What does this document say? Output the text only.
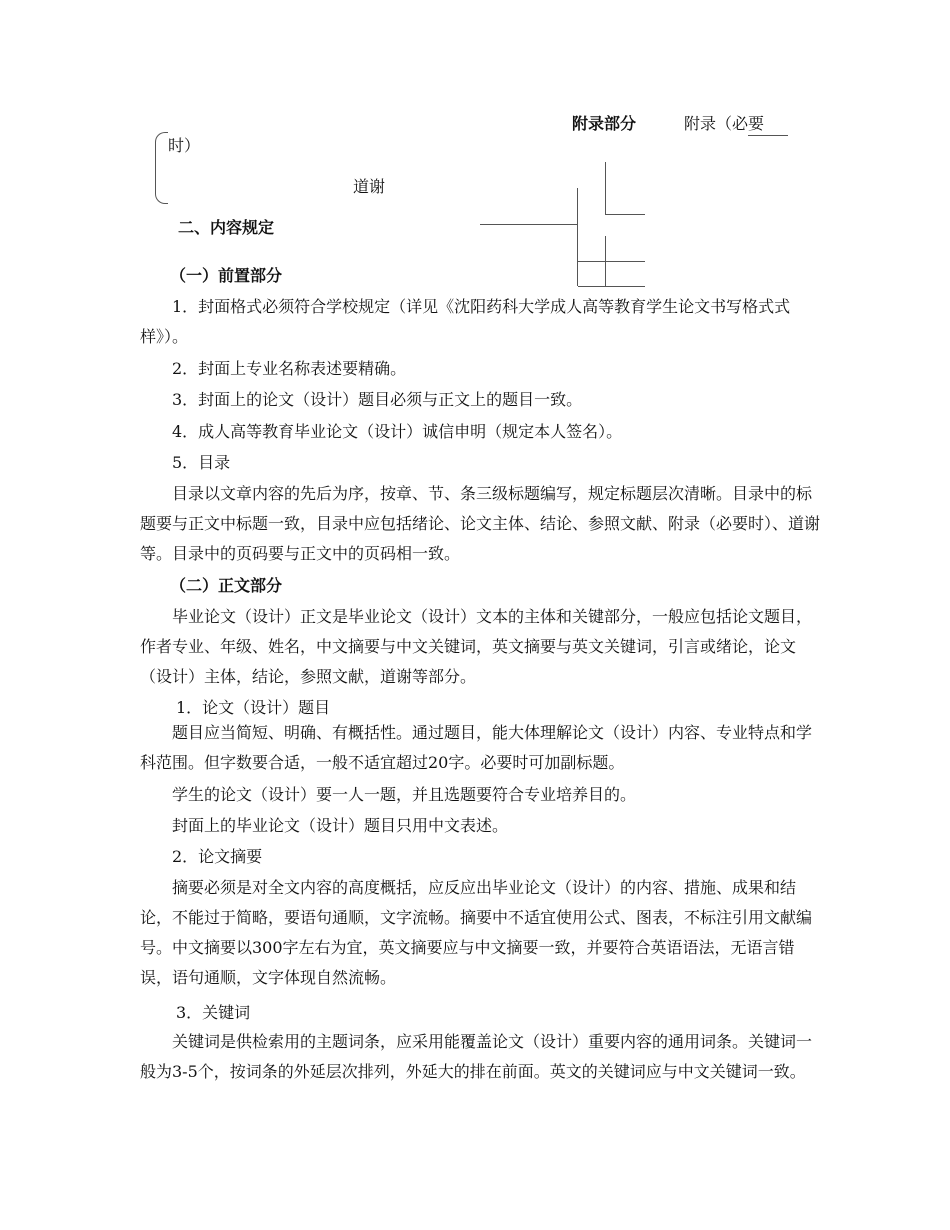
附录部分	附录（必要
时）
道谢
二、内容规定
（一）前置部分
1．封面格式必须符合学校规定（详见《沈阳药科大学成人高等教育学生论文书写格式式样》）。
2．封面上专业名称表述要精确。
3．封面上的论文（设计）题目必须与正文上的题目一致。
4．成人高等教育毕业论文（设计）诚信申明（规定本人签名）。
5．目录
目录以文章内容的先后为序，按章、节、条三级标题编写，规定标题层次清晰。目录中的标题要与正文中标题一致，目录中应包括绪论、论文主体、结论、参照文献、附录（必要时）、道谢等。目录中的页码要与正文中的页码相一致。
（二）正文部分
毕业论文（设计）正文是毕业论文（设计）文本的主体和关键部分，一般应包括论文题目，作者专业、年级、姓名，中文摘要与中文关键词，英文摘要与英文关键词，引言或绪论，论文（设计）主体，结论，参照文献，道谢等部分。
1．论文（设计）题目
题目应当简短、明确、有概括性。通过题目，能大体理解论文（设计）内容、专业特点和学科范围。但字数要合适，一般不适宜超过20字。必要时可加副标题。
学生的论文（设计）要一人一题，并且选题要符合专业培养目的。
封面上的毕业论文（设计）题目只用中文表述。
2．论文摘要
摘要必须是对全文内容的高度概括，应反应出毕业论文（设计）的内容、措施、成果和结论，不能过于简略，要语句通顺，文字流畅。摘要中不适宜使用公式、图表，不标注引用文献编号。中文摘要以300字左右为宜，英文摘要应与中文摘要一致，并要符合英语语法，无语言错误，语句通顺，文字体现自然流畅。
3．关键词
关键词是供检索用的主题词条，应采用能覆盖论文（设计）重要内容的通用词条。关键词一般为3-5个，按词条的外延层次排列，外延大的排在前面。英文的关键词应与中文关键词一致。
